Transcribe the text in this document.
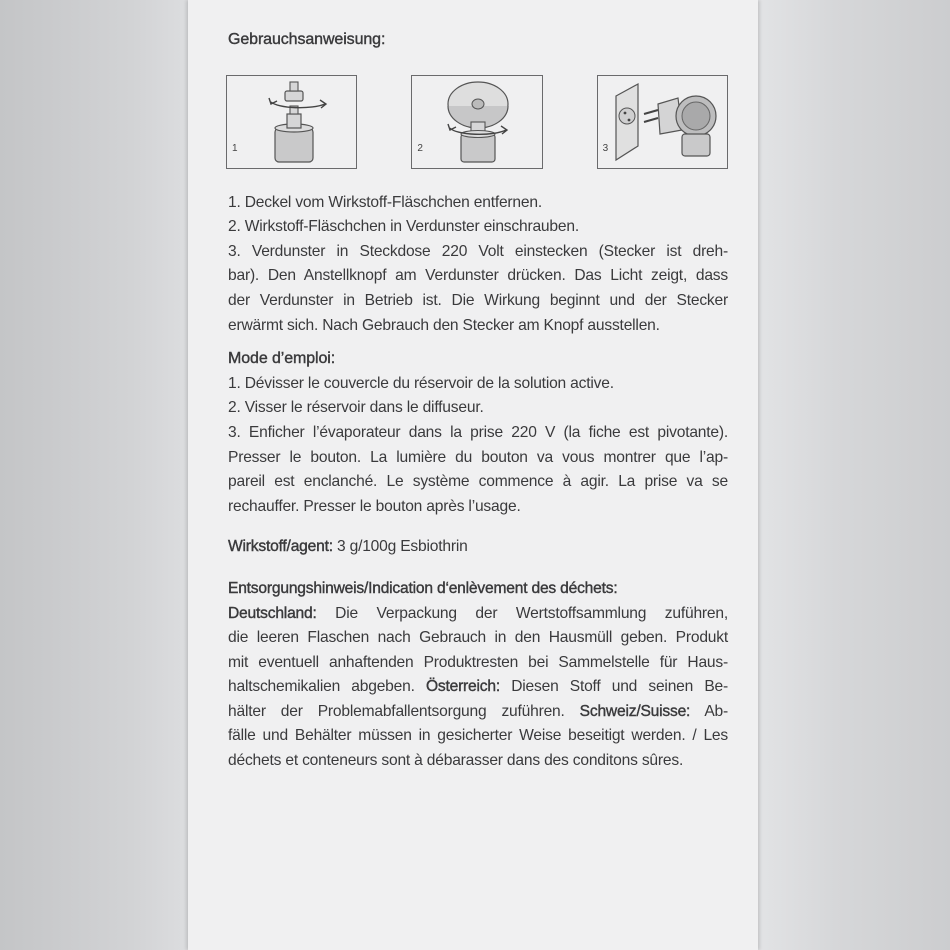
Gebrauchsanweisung:
1	2	3
1. Deckel vom Wirkstoff-Fläschchen entfernen.
2. Wirkstoff-Fläschchen in Verdunster einschrauben.
3. Verdunster in Steckdose 220 Volt einstecken (Stecker ist dreh-
bar). Den Anstellknopf am Verdunster drücken. Das Licht zeigt, dass
der Verdunster in Betrieb ist. Die Wirkung beginnt und der Stecker
erwärmt sich. Nach Gebrauch den Stecker am Knopf ausstellen.
Mode d’emploi:
1. Dévisser le couvercle du réservoir de la solution active.
2. Visser le réservoir dans le diffuseur.
3. Enficher l’évaporateur dans la prise 220 V (la fiche est pivotante).
Presser le bouton. La lumière du bouton va vous montrer que l’ap-
pareil est enclanché. Le système commence à agir. La prise va se
rechauffer. Presser le bouton après l’usage.
Wirkstoff/agent: 3 g/100g Esbiothrin
Entsorgungshinweis/Indication d‘enlèvement des déchets:
Deutschland: Die Verpackung der Wertstoffsammlung zuführen,
die leeren Flaschen nach Gebrauch in den Hausmüll geben. Produkt
mit eventuell anhaftenden Produktresten bei Sammelstelle für Haus-
haltschemikalien abgeben. Österreich: Diesen Stoff und seinen Be-
hälter der Problemabfallentsorgung zuführen. Schweiz/Suisse: Ab-
fälle und Behälter müssen in gesicherter Weise beseitigt werden. / Les
déchets et conteneurs sont à débarasser dans des conditons sûres.
